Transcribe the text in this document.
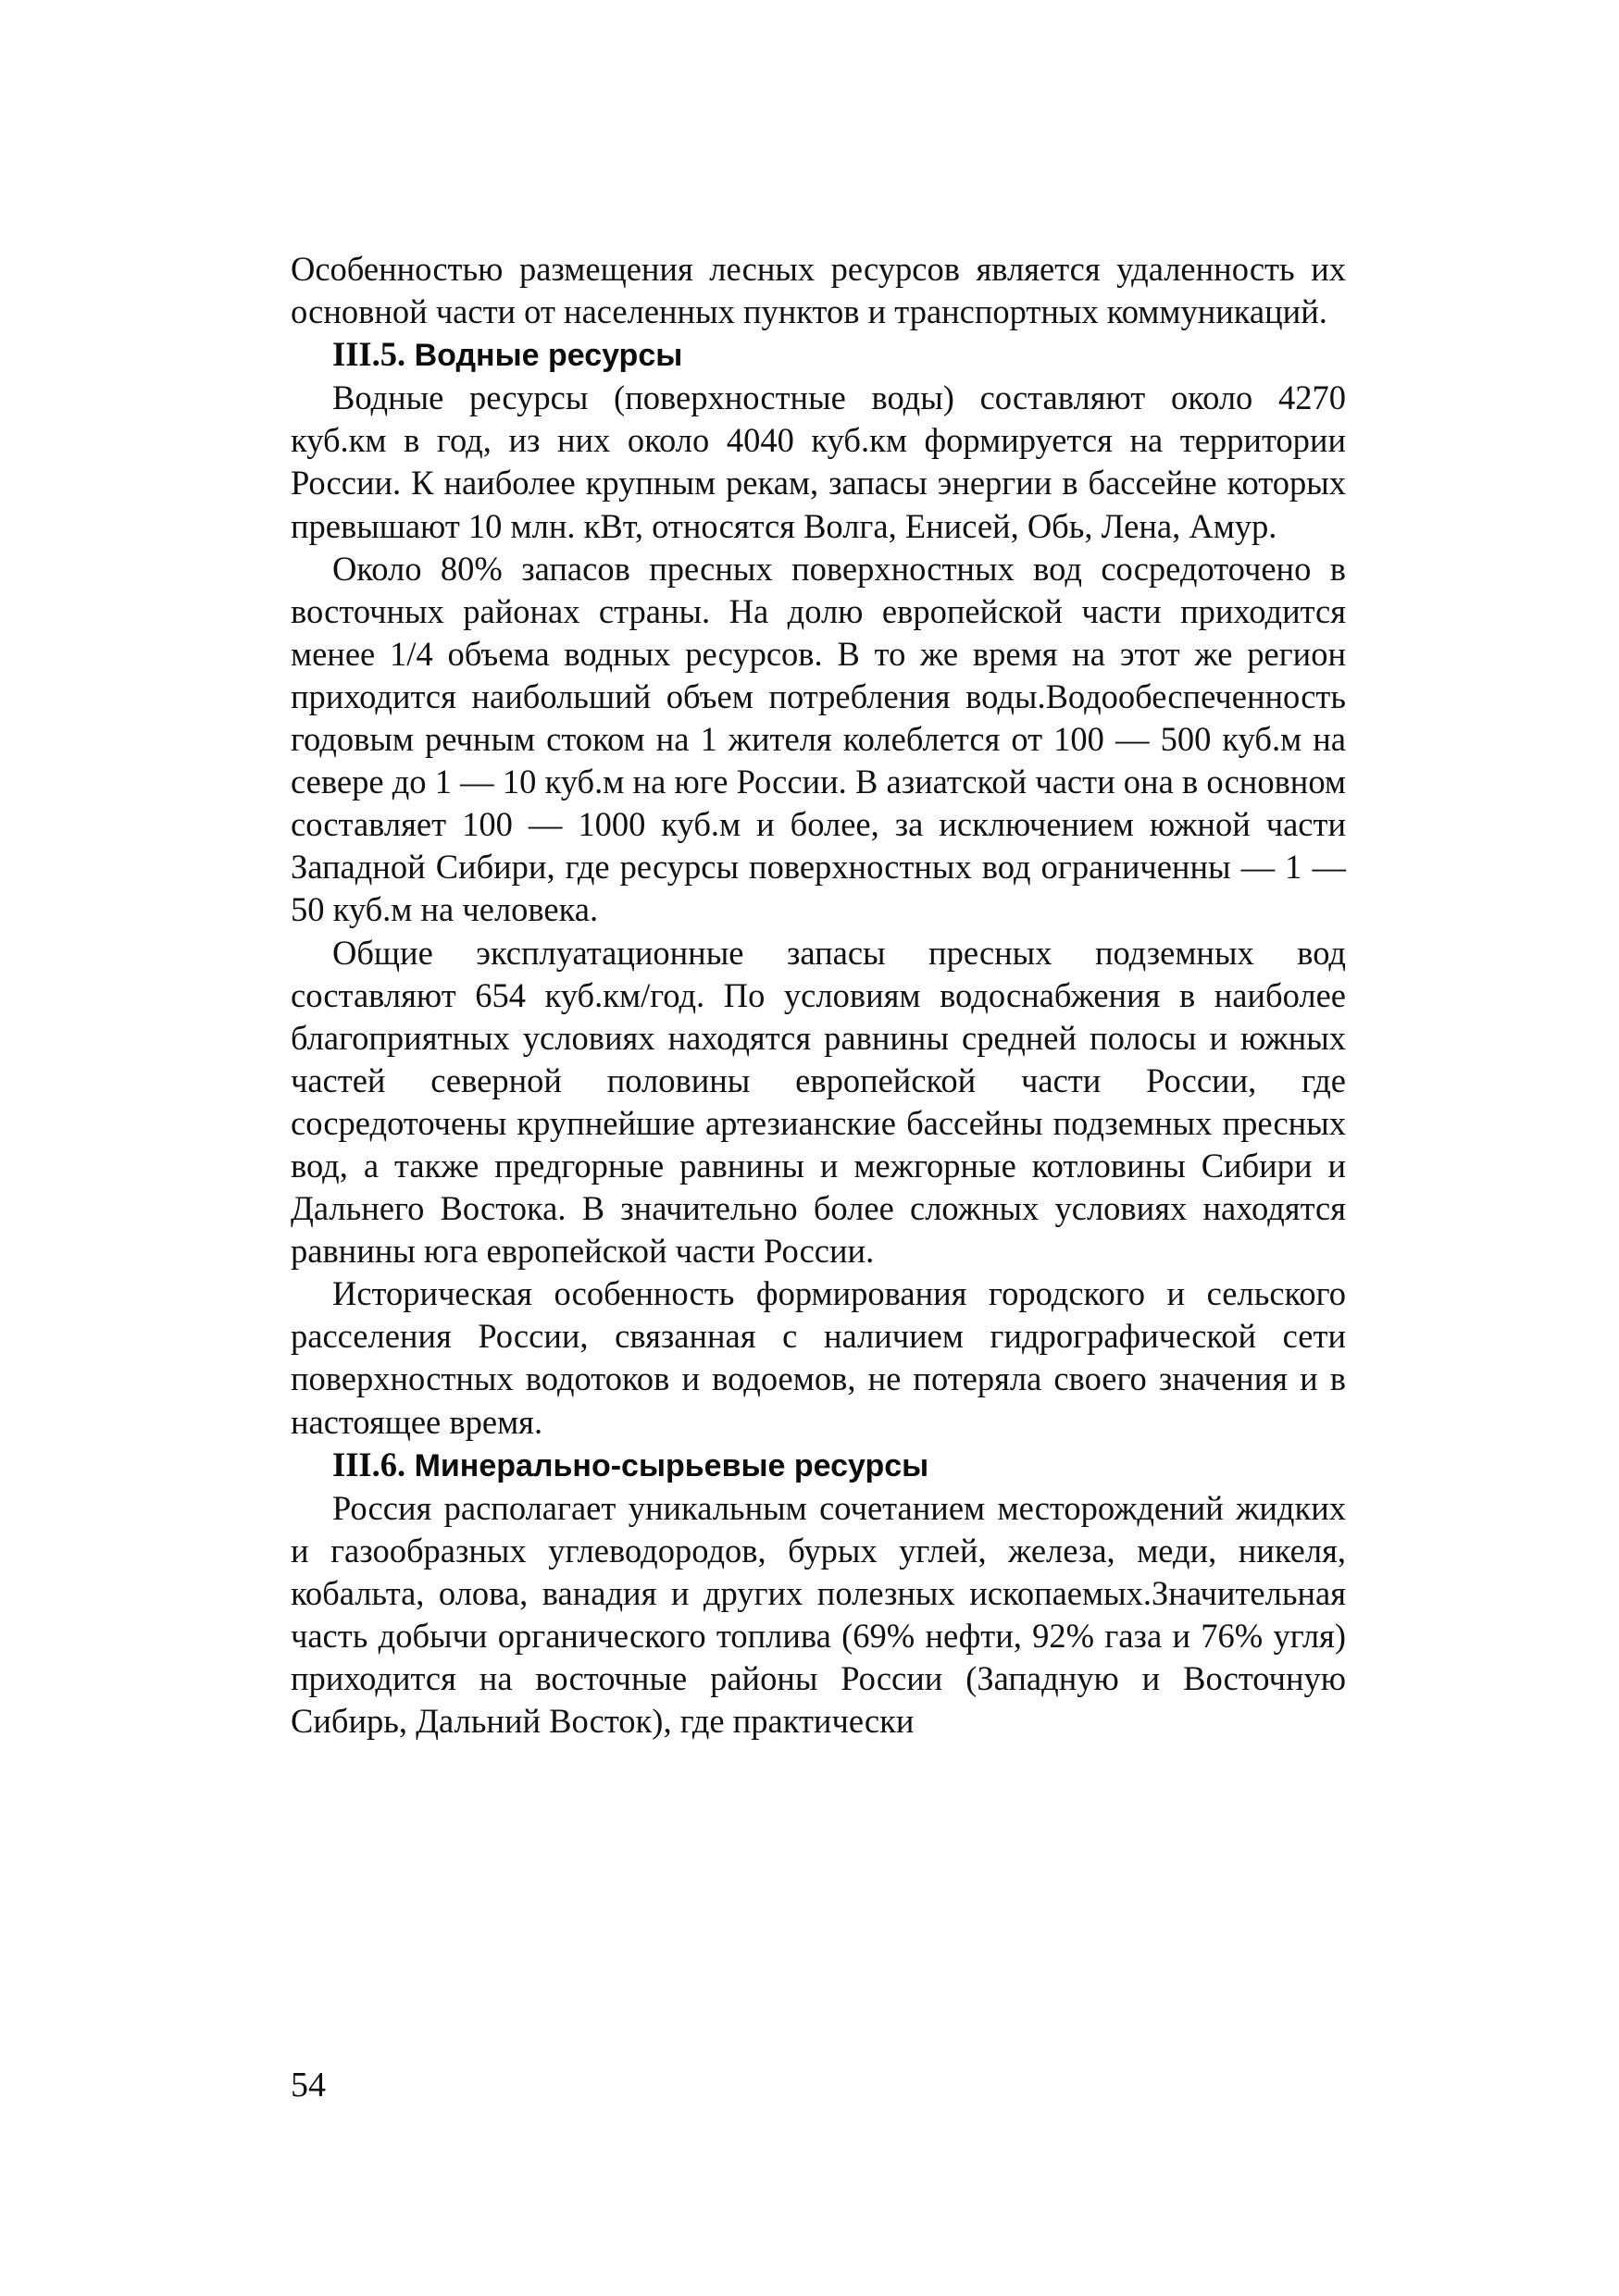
Особенностью размещения лесных ресурсов является удаленность их основной части от населенных пунктов и транспортных коммуникаций.

III.5. Водные ресурсы

Водные ресурсы (поверхностные воды) составляют около 4270 куб.км в год, из них около 4040 куб.км формируется на территории России. К наиболее крупным рекам, запасы энергии в бассейне которых превышают 10 млн. кВт, относятся Волга, Енисей, Обь, Лена, Амур.

Около 80% запасов пресных поверхностных вод сосредоточено в восточных районах страны. На долю европейской части приходится менее 1/4 объема водных ресурсов. В то же время на этот же регион приходится наибольший объем потребления воды.Водообеспеченность годовым речным стоком на 1 жителя колеблется от 100 — 500 куб.м на севере до 1 — 10 куб.м на юге России. В азиатской части она в основном составляет 100 — 1000 куб.м и более, за исключением южной части Западной Сибири, где ресурсы поверхностных вод ограниченны — 1 — 50 куб.м на человека.

Общие эксплуатационные запасы пресных подземных вод составляют 654 куб.км/год. По условиям водоснабжения в наиболее благоприятных условиях находятся равнины средней полосы и южных частей северной половины европейской части России, где сосредоточены крупнейшие артезианские бассейны подземных пресных вод, а также предгорные равнины и межгорные котловины Сибири и Дальнего Востока. В значительно более сложных условиях находятся равнины юга европейской части России.

Историческая особенность формирования городского и сельского расселения России, связанная с наличием гидрографической сети поверхностных водотоков и водоемов, не потеряла своего значения и в настоящее время.

III.6. Минерально-сырьевые ресурсы

Россия располагает уникальным сочетанием месторождений жидких и газообразных углеводородов, бурых углей, железа, меди, никеля, кобальта, олова, ванадия и других полезных ископаемых.Значительная часть добычи органического топлива (69% нефти, 92% газа и 76% угля) приходится на восточные районы России (Западную и Восточную Сибирь, Дальний Восток), где практически

54
